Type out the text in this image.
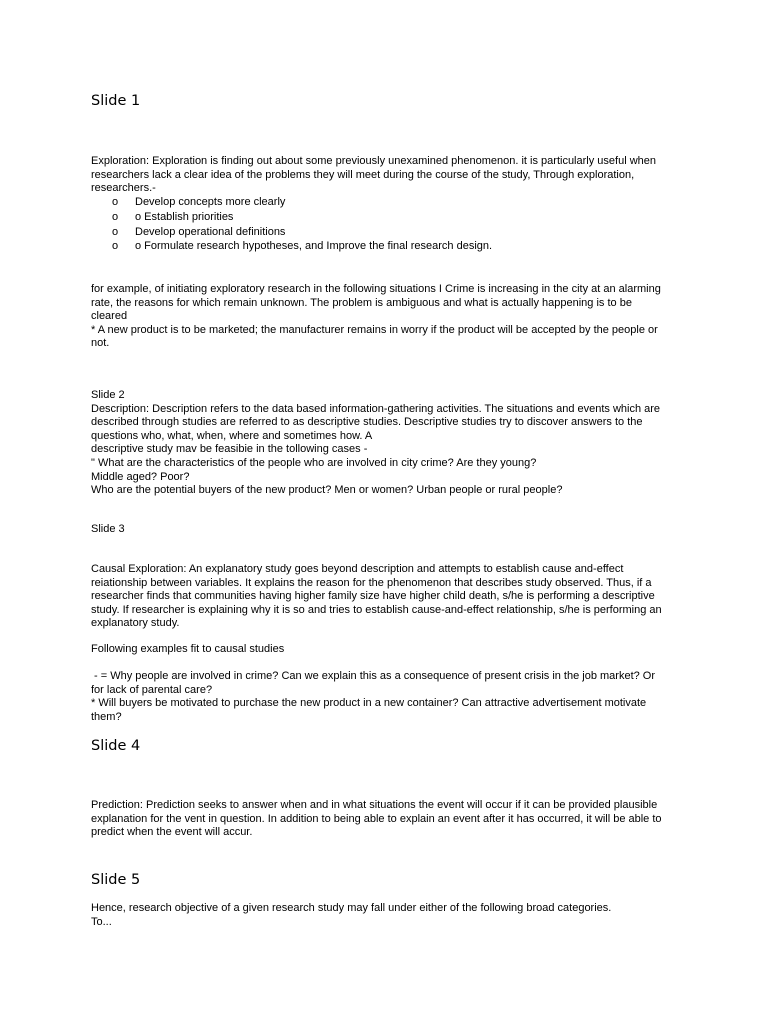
Slide 1

Exploration: Exploration is finding out about some previously unexamined phenomenon. it is particularly useful when
researchers lack a clear idea of the problems they will meet during the course of the study, Through exploration,
researchers.-

o	Develop concepts more clearly
o	o Establish priorities
o	Develop operational definitions
o	o Formulate research hypotheses, and Improve the final research design.

for example, of initiating exploratory research in the following situations I Crime is increasing in the city at an alarming
rate, the reasons for which remain unknown. The problem is ambiguous and what is actually happening is to be
cleared
* A new product is to be marketed; the manufacturer remains in worry if the product will be accepted by the people or
not.

Slide 2
Description: Description refers to the data based information-gathering activities. The situations and events which are
described through studies are referred to as descriptive studies. Descriptive studies try to discover answers to the
questions who, what, when, where and sometimes how. A
descriptive study mav be feasibie in the tollowing cases -
" What are the characteristics of the people who are involved in city crime? Are they young?
Middle aged? Poor?
Who are the potential buyers of the new product? Men or women? Urban people or rural people?

Slide 3

Causal Exploration: An explanatory study goes beyond description and attempts to establish cause and-effect
reiationship between variables. It explains the reason for the phenomenon that describes study observed. Thus, if a
researcher finds that communities having higher family size have higher child death, s/he is performing a descriptive
study. If researcher is explaining why it is so and tries to establish cause-and-effect relationship, s/he is performing an
explanatory study.

Following examples fit to causal studies

- = Why people are involved in crime? Can we explain this as a consequence of present crisis in the job market? Or
for lack of parental care?
* Will buyers be motivated to purchase the new product in a new container? Can attractive advertisement motivate
them?

Slide 4

Prediction: Prediction seeks to answer when and in what situations the event will occur if it can be provided plausible
explanation for the vent in question. In addition to being able to explain an event after it has occurred, it will be able to
predict when the event will accur.

Slide 5

Hence, research objective of a given research study may fall under either of the following broad categories.
To...
